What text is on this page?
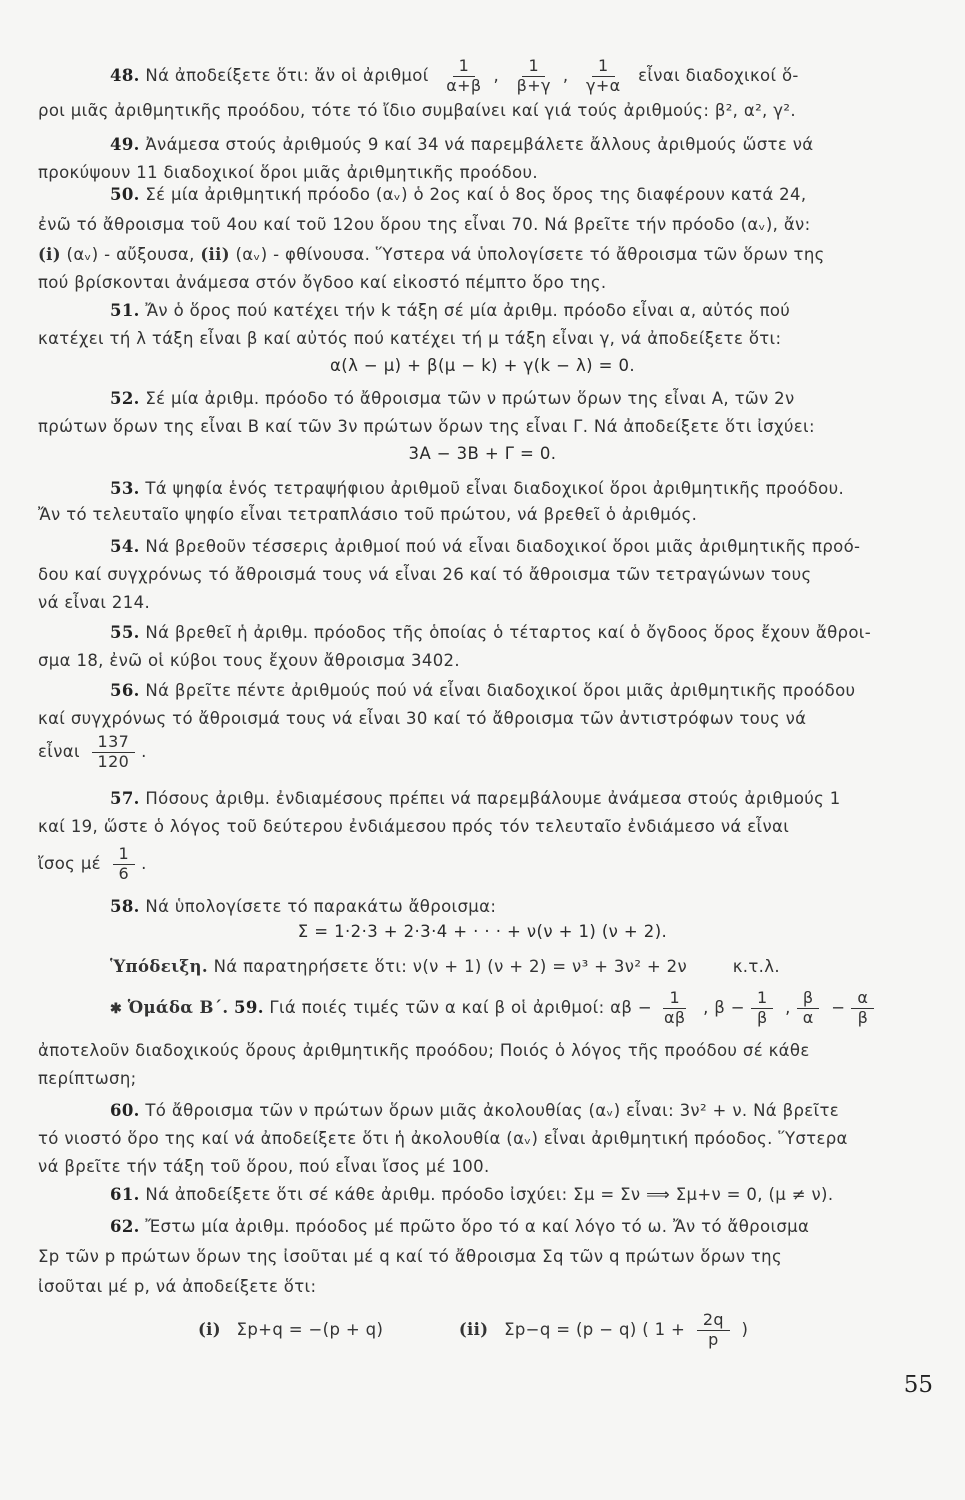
48. Νά ἀποδείξετε ὅτι: ἄν οἱ ἀριθμοί $\frac{1}{\alpha+\beta}$ , $\frac{1}{\beta+\gamma}$ , $\frac{1}{\gamma+\alpha}$ εἶναι διαδοχικοί ὅ-
ροι μιᾶς ἀριθμητικῆς προόδου, τότε τό ἴδιο συμβαίνει καί γιά τούς ἀριθμούς: β², α², γ².
49. Ἀνάμεσα στούς ἀριθμούς 9 καί 34 νά παρεμβάλετε ἄλλους ἀριθμούς ὥστε νά
προκύψουν 11 διαδοχικοί ὅροι μιᾶς ἀριθμητικῆς προόδου.
50. Σέ μία ἀριθμητική πρόοδο (αᵥ) ὁ 2ος καί ὁ 8ος ὅρος της διαφέρουν κατά 24,
ἐνῶ τό ἄθροισμα τοῦ 4ου καί τοῦ 12ου ὅρου της εἶναι 70. Νά βρεῖτε τήν πρόοδο (αᵥ), ἄν:
(i) (αᵥ) - αὔξουσα, (ii) (αᵥ) - φθίνουσα. Ὕστερα νά ὑπολογίσετε τό ἄθροισμα τῶν ὅρων της
πού βρίσκονται ἀνάμεσα στόν ὄγδοο καί εἰκοστό πέμπτο ὅρο της.
51. Ἄν ὁ ὅρος πού κατέχει τήν k τάξη σέ μία ἀριθμ. πρόοδο εἶναι α, αὐτός πού
κατέχει τή λ τάξη εἶναι β καί αὐτός πού κατέχει τή μ τάξη εἶναι γ, νά ἀποδείξετε ὅτι:
α(λ − μ) + β(μ − k) + γ(k − λ) = 0.
52. Σέ μία ἀριθμ. πρόοδο τό ἄθροισμα τῶν ν πρώτων ὅρων της εἶναι Α, τῶν 2ν
πρώτων ὅρων της εἶναι Β καί τῶν 3ν πρώτων ὅρων της εἶναι Γ. Νά ἀποδείξετε ὅτι ἰσχύει:
3Α − 3Β + Γ = 0.
53. Τά ψηφία ἑνός τετραψήφιου ἀριθμοῦ εἶναι διαδοχικοί ὅροι ἀριθμητικῆς προόδου.
Ἄν τό τελευταῖο ψηφίο εἶναι τετραπλάσιο τοῦ πρώτου, νά βρεθεῖ ὁ ἀριθμός.
54. Νά βρεθοῦν τέσσερις ἀριθμοί πού νά εἶναι διαδοχικοί ὅροι μιᾶς ἀριθμητικῆς προό-
δου καί συγχρόνως τό ἄθροισμά τους νά εἶναι 26 καί τό ἄθροισμα τῶν τετραγώνων τους
νά εἶναι 214.
55. Νά βρεθεῖ ἡ ἀριθμ. πρόοδος τῆς ὁποίας ὁ τέταρτος καί ὁ ὄγδοος ὅρος ἔχουν ἄθροι-
σμα 18, ἐνῶ οἱ κύβοι τους ἔχουν ἄθροισμα 3402.
56. Νά βρεῖτε πέντε ἀριθμούς πού νά εἶναι διαδοχικοί ὅροι μιᾶς ἀριθμητικῆς προόδου
καί συγχρόνως τό ἄθροισμά τους νά εἶναι 30 καί τό ἄθροισμα τῶν ἀντιστρόφων τους νά
εἶναι $\frac{137}{120}$ .
57. Πόσους ἀριθμ. ἐνδιαμέσους πρέπει νά παρεμβάλουμε ἀνάμεσα στούς ἀριθμούς 1
καί 19, ὥστε ὁ λόγος τοῦ δεύτερου ἐνδιάμεσου πρός τόν τελευταῖο ἐνδιάμεσο νά εἶναι
ἴσος μέ $\frac{1}{6}$ .
58. Νά ὑπολογίσετε τό παρακάτω ἄθροισμα:
Σ = 1·2·3 + 2·3·4 + · · · + ν(ν + 1) (ν + 2).
Ὑπόδειξη. Νά παρατηρήσετε ὅτι: ν(ν + 1) (ν + 2) = ν³ + 3ν² + 2ν	κ.τ.λ.
✱ Ὁμάδα Β΄. 59. Γιά ποιές τιμές τῶν α καί β οἱ ἀριθμοί: $\alpha\beta - \frac{1}{\alpha\beta}$ , $\beta - \frac{1}{\beta}$ , $\frac{\beta}{\alpha} - \frac{\alpha}{\beta}$
ἀποτελοῦν διαδοχικούς ὅρους ἀριθμητικῆς προόδου; Ποιός ὁ λόγος τῆς προόδου σέ κάθε
περίπτωση;
60. Τό ἄθροισμα τῶν ν πρώτων ὅρων μιᾶς ἀκολουθίας (αᵥ) εἶναι: 3ν² + ν. Νά βρεῖτε
τό νιοστό ὅρο της καί νά ἀποδείξετε ὅτι ἡ ἀκολουθία (αᵥ) εἶναι ἀριθμητική πρόοδος. Ὕστερα
νά βρεῖτε τήν τάξη τοῦ ὅρου, πού εἶναι ἴσος μέ 100.
61. Νά ἀποδείξετε ὅτι σέ κάθε ἀριθμ. πρόοδο ἰσχύει: Σμ = Σν ⟹ Σμ+ν = 0, (μ ≠ ν).
62. Ἔστω μία ἀριθμ. πρόοδος μέ πρῶτο ὅρο τό α καί λόγο τό ω. Ἄν τό ἄθροισμα
Σp τῶν p πρώτων ὅρων της ἰσοῦται μέ q καί τό ἄθροισμα Σq τῶν q πρώτων ὅρων της
ἰσοῦται μέ p, νά ἀποδείξετε ὅτι:
(i) Σp+q = −(p + q)	(ii) Σp−q = (p − q) ( $1 + \frac{2q}{p}$ )
55
